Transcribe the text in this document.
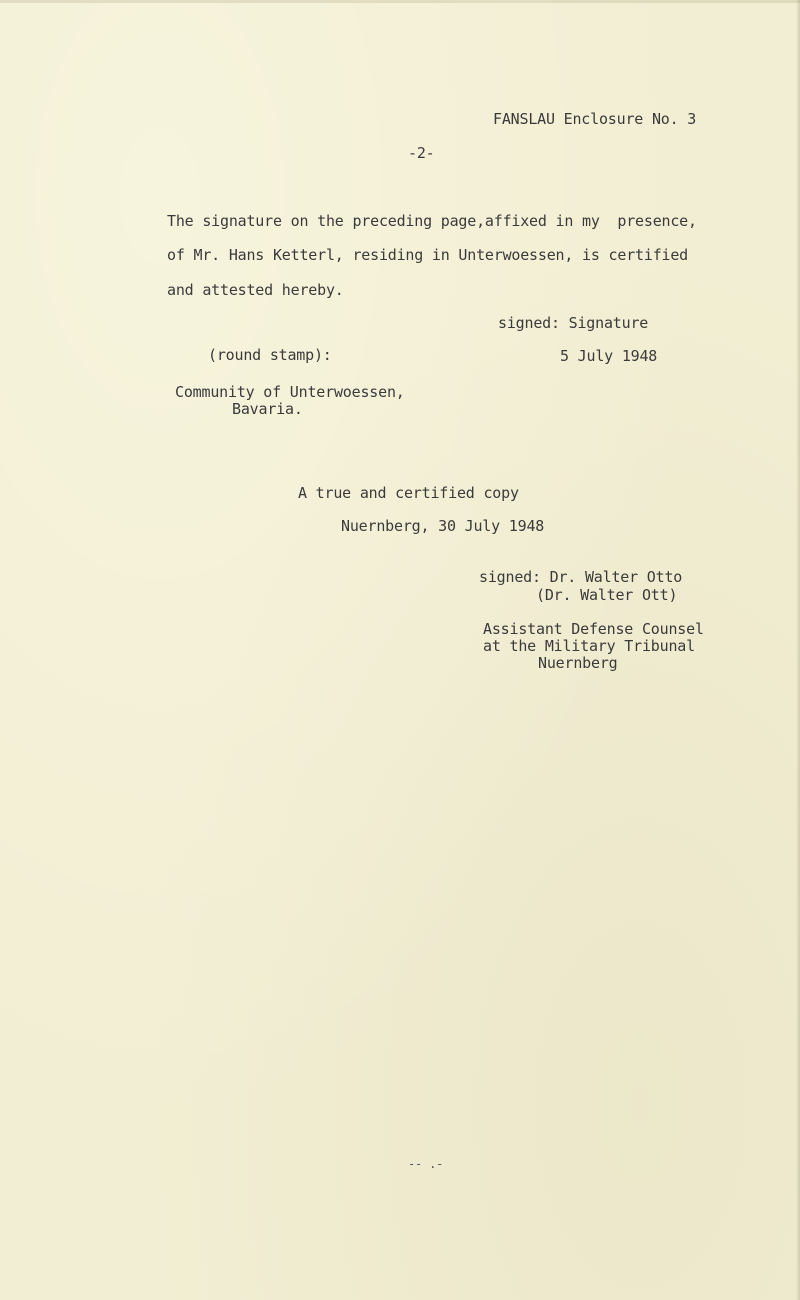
FANSLAU Enclosure No. 3
-2-
The signature on the preceding page,affixed in my  presence,
of Mr. Hans Ketterl, residing in Unterwoessen, is certified
and attested hereby.
signed: Signature
(round stamp):	5 July 1948
Community of Unterwoessen,
Bavaria.
A true and certified copy
Nuernberg, 30 July 1948
signed: Dr. Walter Otto
(Dr. Walter Ott)
Assistant Defense Counsel
at the Military Tribunal
Nuernberg
-- .-
